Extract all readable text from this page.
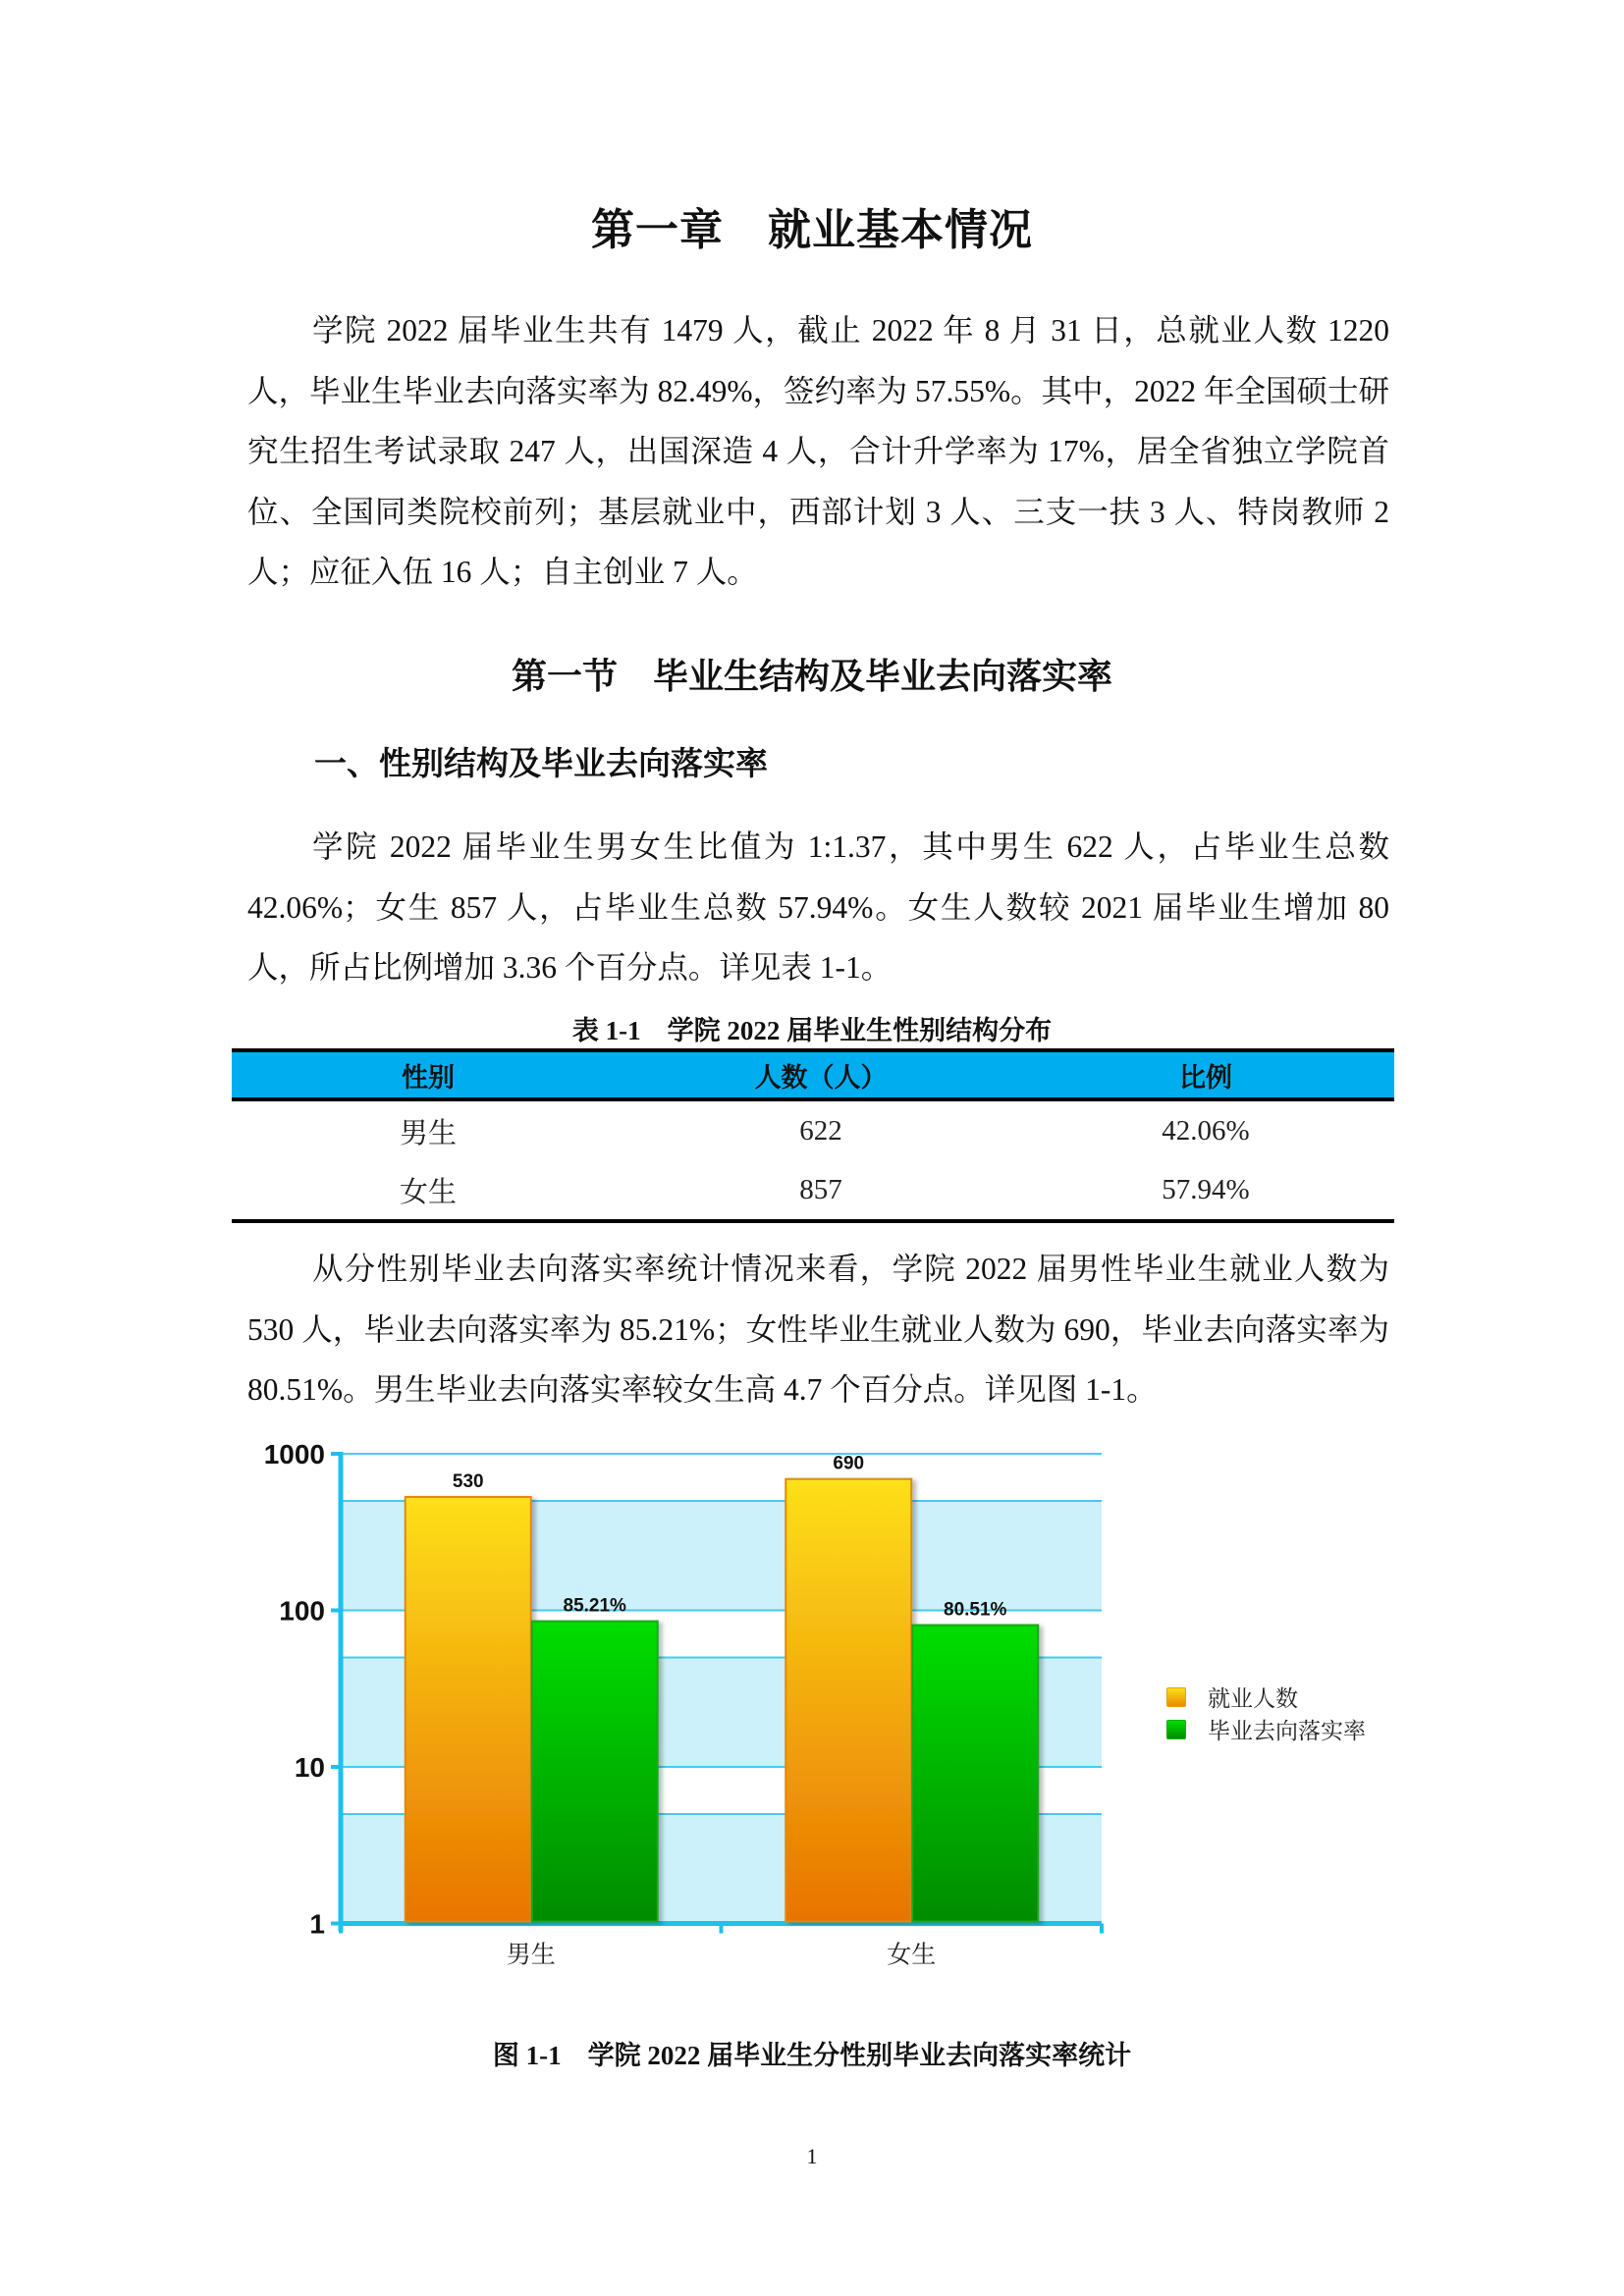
第一章　就业基本情况

学院 2022 届毕业生共有 1479 人，截止 2022 年 8 月 31 日，总就业人数 1220 人，毕业生毕业去向落实率为 82.49%，签约率为 57.55%。其中，2022 年全国硕士研究生招生考试录取 247 人，出国深造 4 人，合计升学率为 17%，居全省独立学院首位、全国同类院校前列；基层就业中，西部计划 3 人、三支一扶 3 人、特岗教师 2 人；应征入伍 16 人；自主创业 7 人。

第一节　毕业生结构及毕业去向落实率
一、性别结构及毕业去向落实率

学院 2022 届毕业生男女生比值为 1:1.37，其中男生 622 人，占毕业生总数 42.06%；女生 857 人，占毕业生总数 57.94%。女生人数较 2021 届毕业生增加 80 人，所占比例增加 3.36 个百分点。详见表 1-1。

表 1-1　学院 2022 届毕业生性别结构分布
性别	人数（人）	比例
男生	622	42.06%
女生	857	57.94%

从分性别毕业去向落实率统计情况来看，学院 2022 届男性毕业生就业人数为 530 人，毕业去向落实率为 85.21%；女性毕业生就业人数为 690，毕业去向落实率为 80.51%。男生毕业去向落实率较女生高 4.7 个百分点。详见图 1-1。

1
10
100
1000
530
85.21%
男生
690
80.51%
女生
就业人数
毕业去向落实率
图 1-1　学院 2022 届毕业生分性别毕业去向落实率统计
1
